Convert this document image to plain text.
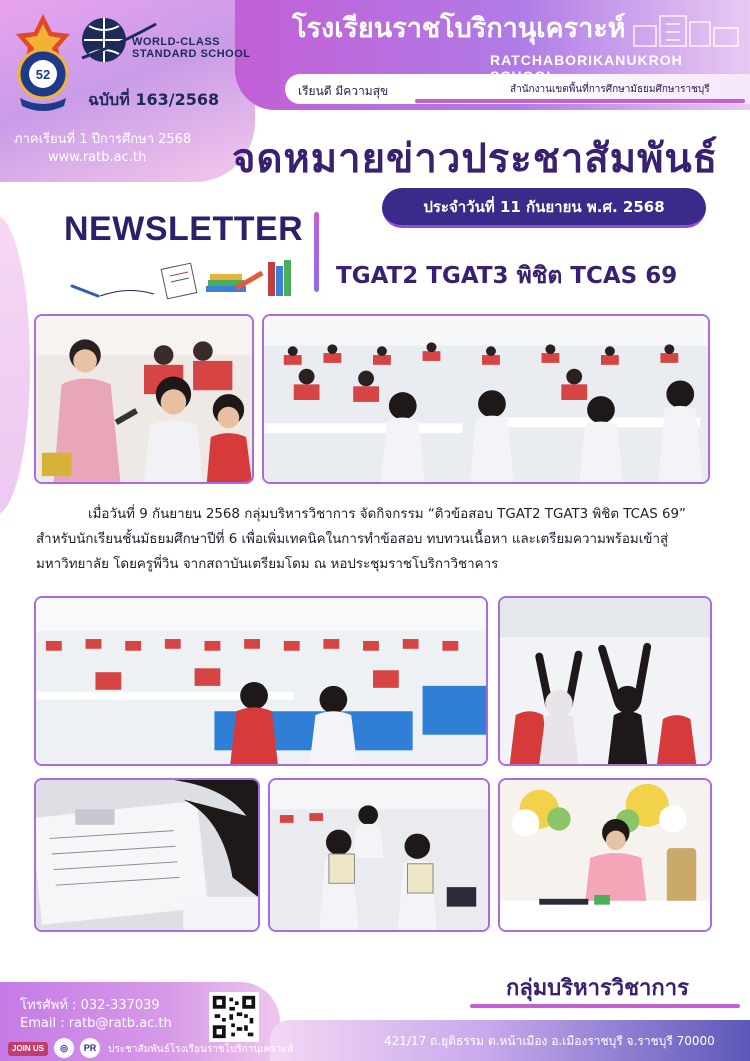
52
WORLD-CLASS
STANDARD SCHOOL
ฉบับที่ 163/2568
ภาคเรียนที่ 1 ปีการศึกษา 2568
www.ratb.ac.th
โรงเรียนราชโบริกานุเคราะห์
RATCHABORIKANUKROH SCHOOL
เรียนดี มีความสุข	สำนักงานเขตพื้นที่การศึกษามัธยมศึกษาราชบุรี
จดหมายข่าวประชาสัมพันธ์
ประจำวันที่ 11 กันยายน พ.ศ. 2568
NEWSLETTER
TGAT2 TGAT3 พิชิต TCAS 69

เมื่อวันที่ 9 กันยายน 2568 กลุ่มบริหารวิชาการ จัดกิจกรรม “ติวข้อสอบ TGAT2 TGAT3 พิชิต TCAS 69” สำหรับนักเรียนชั้นมัธยมศึกษาปีที่ 6 เพื่อเพิ่มเทคนิคในการทำข้อสอบ ทบทวนเนื้อหา และเตรียมความพร้อมเข้าสู่มหาวิทยาลัย โดยครูพี่วิน จากสถาบันเตรียมโดม ณ หอประชุมราชโบริกาวิชาคาร

กลุ่มบริหารวิชาการ
โทรศัพท์ : 032-337039
Email : ratb@ratb.ac.th
JOIN US	◎	PR	ประชาสัมพันธ์โรงเรียนราชโบริกานุเคราะห์
421/17 ถ.ยุติธรรม ต.หน้าเมือง อ.เมืองราชบุรี จ.ราชบุรี 70000
